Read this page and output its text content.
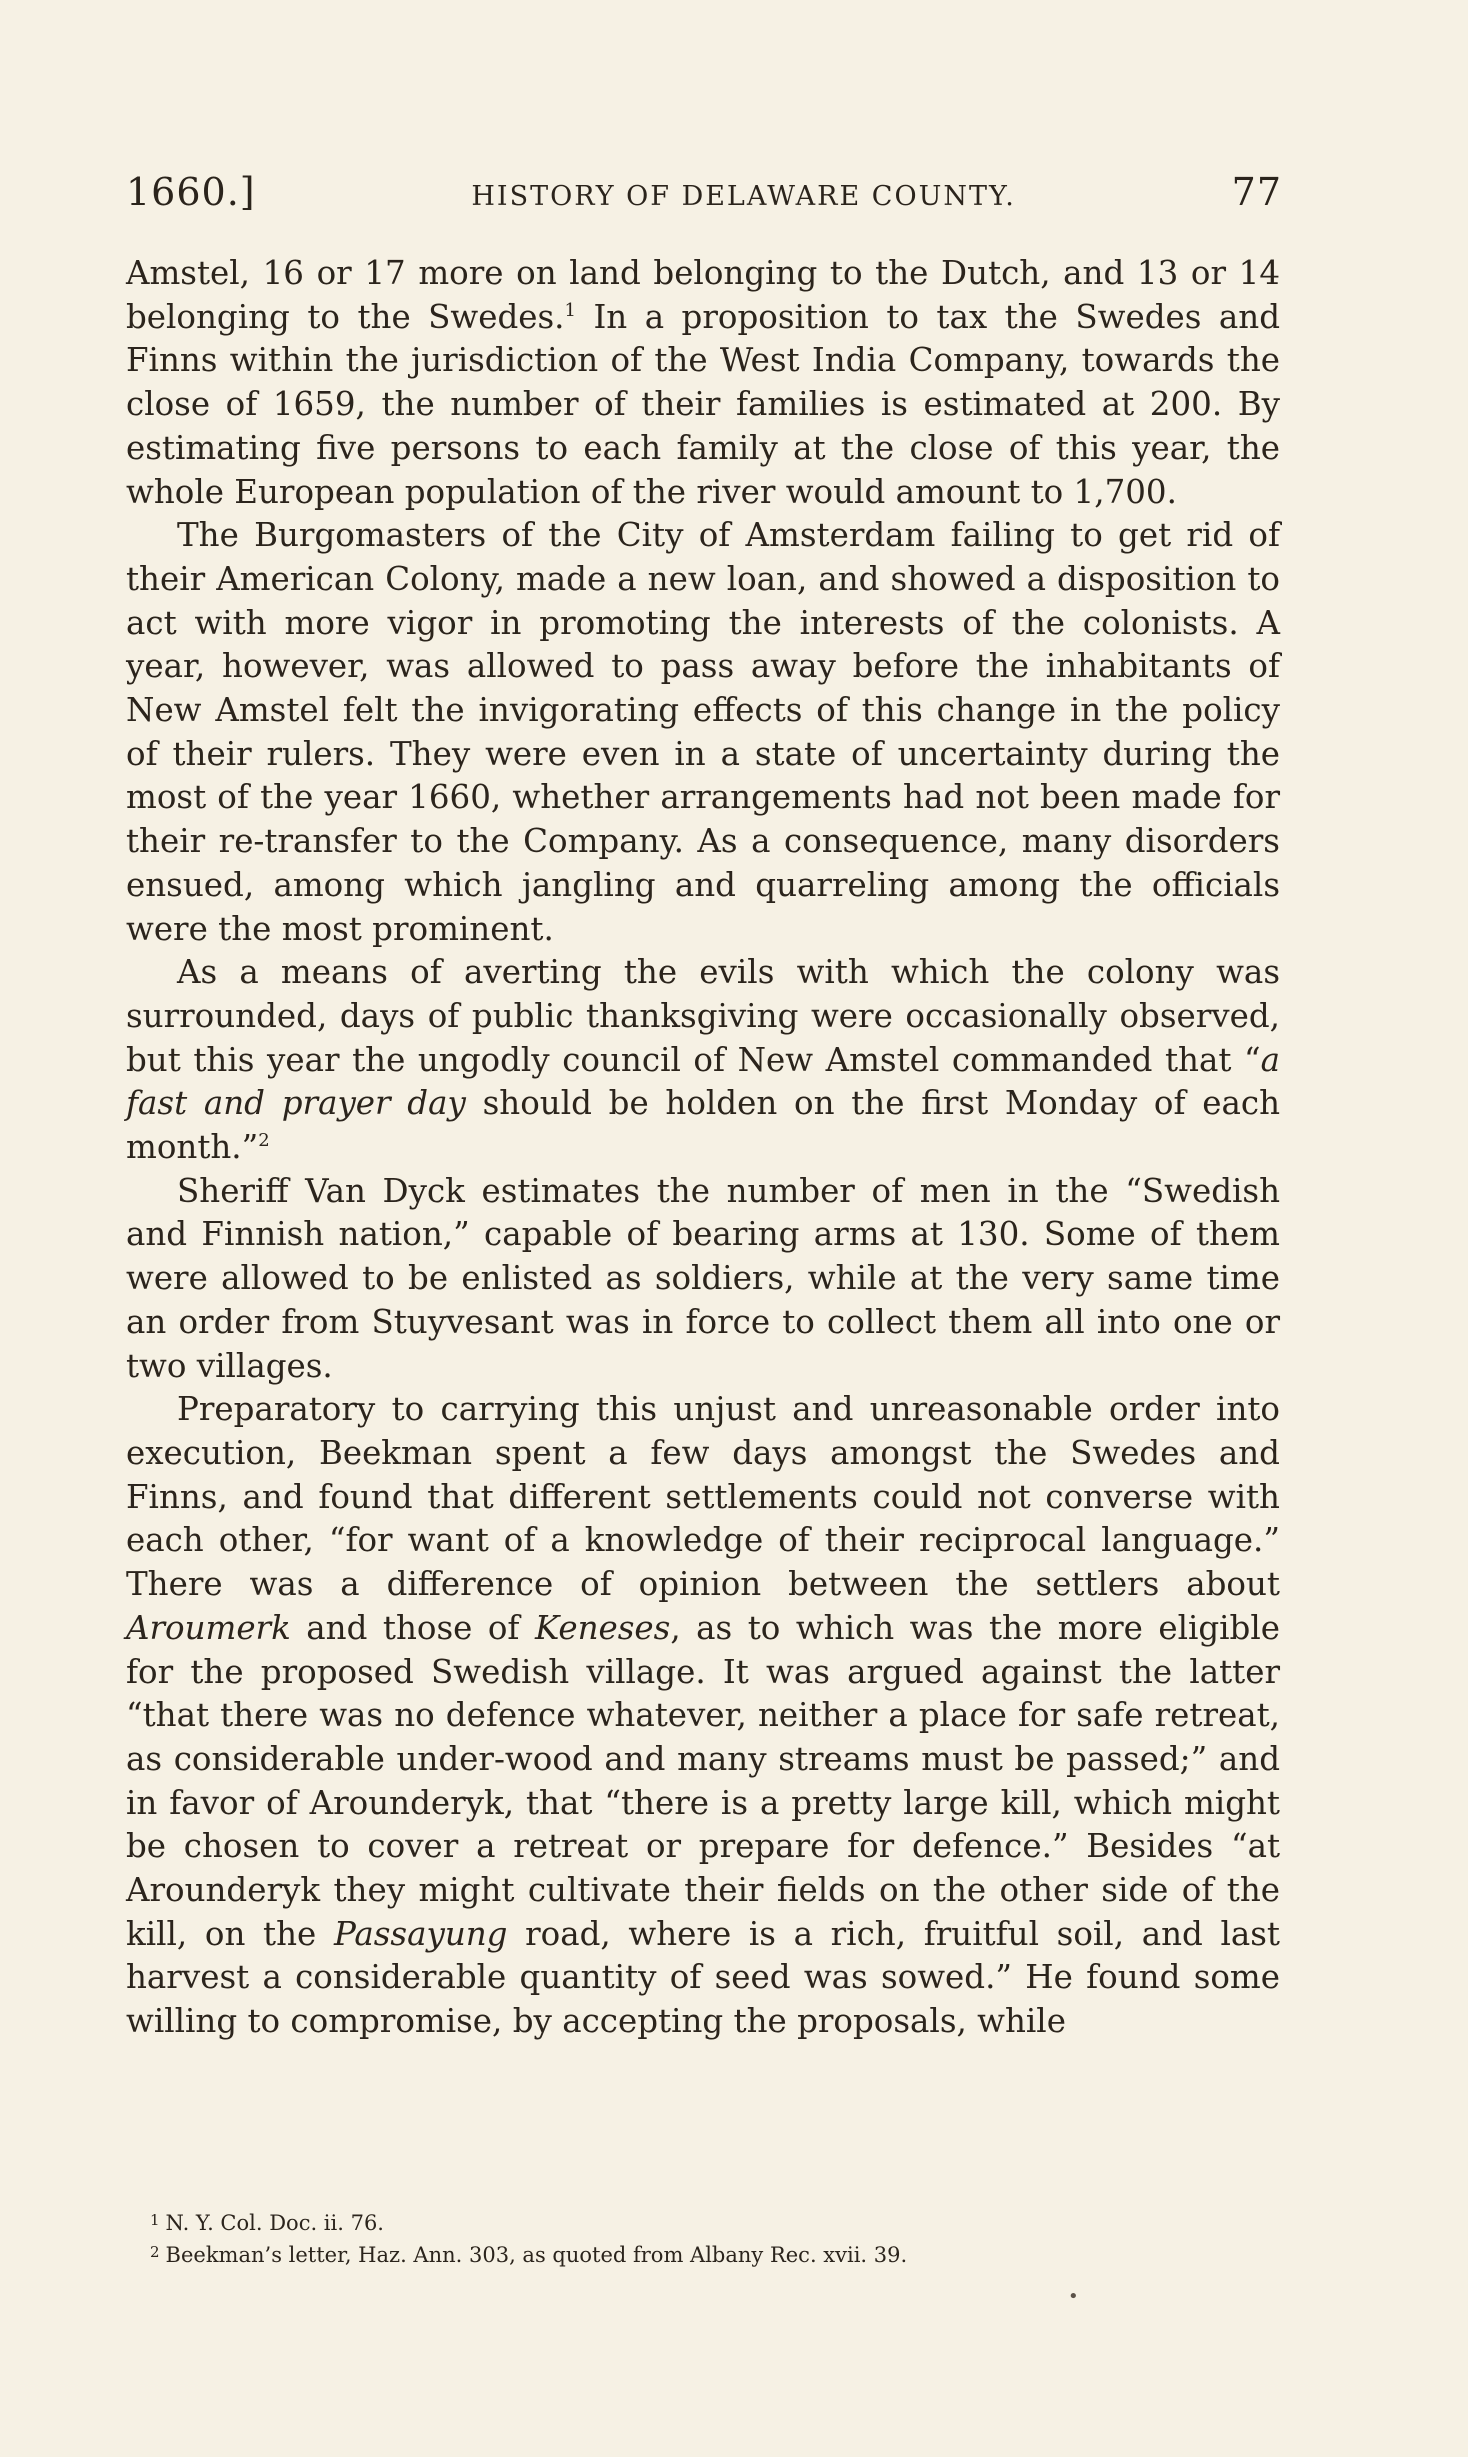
1660.]	HISTORY OF DELAWARE COUNTY.	77

Amstel, 16 or 17 more on land belonging to the Dutch, and 13 or 14 belonging to the Swedes.$^1$ In a proposition to tax the Swedes and Finns within the jurisdiction of the West India Company, towards the close of 1659, the number of their families is estimated at 200. By estimating five persons to each family at the close of this year, the whole European population of the river would amount to 1,700.

The Burgomasters of the City of Amsterdam failing to get rid of their American Colony, made a new loan, and showed a disposition to act with more vigor in promoting the interests of the colonists. A year, however, was allowed to pass away before the inhabitants of New Amstel felt the invigorating effects of this change in the policy of their rulers. They were even in a state of uncertainty during the most of the year 1660, whether arrangements had not been made for their re-transfer to the Company. As a consequence, many disorders ensued, among which jangling and quarreling among the officials were the most prominent.

As a means of averting the evils with which the colony was surrounded, days of public thanksgiving were occasionally observed, but this year the ungodly council of New Amstel commanded that “a fast and prayer day should be holden on the first Monday of each month.”$^2$

Sheriff Van Dyck estimates the number of men in the “Swedish and Finnish nation,” capable of bearing arms at 130. Some of them were allowed to be enlisted as soldiers, while at the very same time an order from Stuyvesant was in force to collect them all into one or two villages.

Preparatory to carrying this unjust and unreasonable order into execution, Beekman spent a few days amongst the Swedes and Finns, and found that different settlements could not converse with each other, “for want of a knowledge of their reciprocal language.” There was a difference of opinion between the settlers about Aroumerk and those of Keneses, as to which was the more eligible for the proposed Swedish village. It was argued against the latter “that there was no defence whatever, neither a place for safe retreat, as considerable under-wood and many streams must be passed;” and in favor of Arounderyk, that “there is a pretty large kill, which might be chosen to cover a retreat or prepare for defence.” Besides “at Arounderyk they might cultivate their fields on the other side of the kill, on the Passayung road, where is a rich, fruitful soil, and last harvest a considerable quantity of seed was sowed.” He found some willing to compromise, by accepting the proposals, while

$^1$ N. Y. Col. Doc. ii. 76.

$^2$ Beekman’s letter, Haz. Ann. 303, as quoted from Albany Rec. xvii. 39.

•
